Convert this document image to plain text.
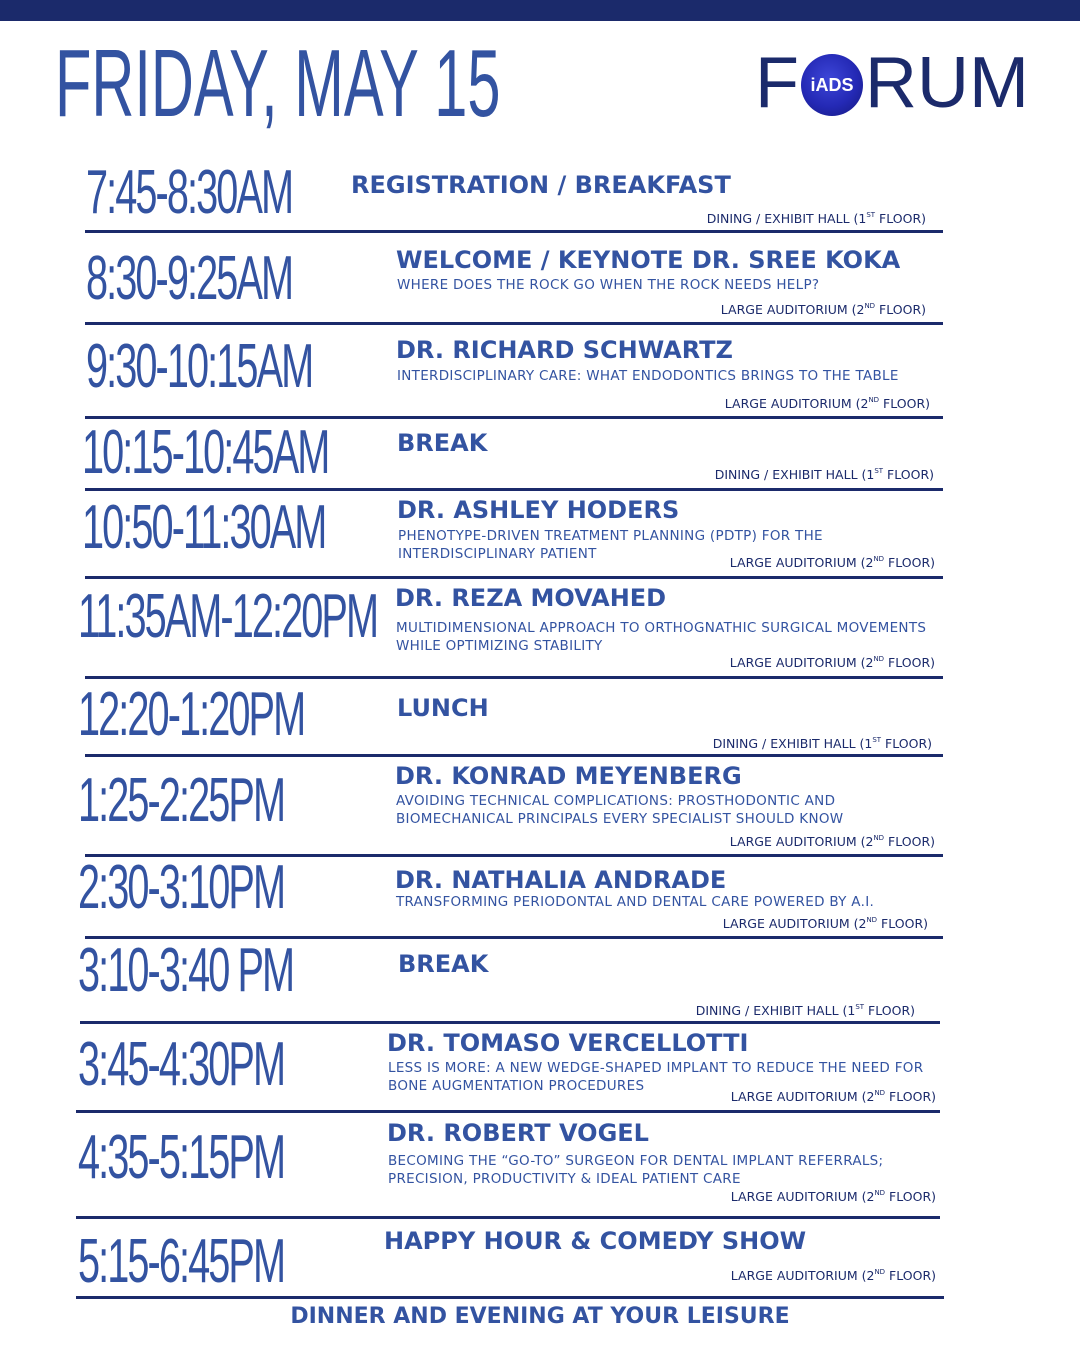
FRIDAY, MAY 15	F iADS RUM
7:45-8:30AM REGISTRATION / BREAKFAST
DINING / EXHIBIT HALL (1ST FLOOR)
8:30-9:25AM	WELCOME / KEYNOTE DR. SREE KOKA
WHERE DOES THE ROCK GO WHEN THE ROCK NEEDS HELP?
LARGE AUDITORIUM (2ND FLOOR)
9:30-10:15AM	DR. RICHARD SCHWARTZ
INTERDISCIPLINARY CARE: WHAT ENDODONTICS BRINGS TO THE TABLE
LARGE AUDITORIUM (2ND FLOOR)
10:15-10:45AM	BREAK
DINING / EXHIBIT HALL (1ST FLOOR)
10:50-11:30AM	DR. ASHLEY HODERS
PHENOTYPE-DRIVEN TREATMENT PLANNING (PDTP) FOR THE INTERDISCIPLINARY PATIENT
LARGE AUDITORIUM (2ND FLOOR)
11:35AM-12:20PM DR. REZA MOVAHED
MULTIDIMENSIONAL APPROACH TO ORTHOGNATHIC SURGICAL MOVEMENTS WHILE OPTIMIZING STABILITY
LARGE AUDITORIUM (2ND FLOOR)
12:20-1:20PM	LUNCH
DINING / EXHIBIT HALL (1ST FLOOR)
1:25-2:25PM	DR. KONRAD MEYENBERG
AVOIDING TECHNICAL COMPLICATIONS: PROSTHODONTIC AND BIOMECHANICAL PRINCIPALS EVERY SPECIALIST SHOULD KNOW
LARGE AUDITORIUM (2ND FLOOR)
2:30-3:10PM	DR. NATHALIA ANDRADE
TRANSFORMING PERIODONTAL AND DENTAL CARE POWERED BY A.I.
LARGE AUDITORIUM (2ND FLOOR)
3:10-3:40 PM	BREAK
DINING / EXHIBIT HALL (1ST FLOOR)
3:45-4:30PM	DR. TOMASO VERCELLOTTI
LESS IS MORE: A NEW WEDGE-SHAPED IMPLANT TO REDUCE THE NEED FOR BONE AUGMENTATION PROCEDURES
LARGE AUDITORIUM (2ND FLOOR)
4:35-5:15PM	DR. ROBERT VOGEL
BECOMING THE “GO-TO” SURGEON FOR DENTAL IMPLANT REFERRALS; PRECISION, PRODUCTIVITY & IDEAL PATIENT CARE
LARGE AUDITORIUM (2ND FLOOR)
5:15-6:45PM	HAPPY HOUR & COMEDY SHOW
LARGE AUDITORIUM (2ND FLOOR)
DINNER AND EVENING AT YOUR LEISURE
